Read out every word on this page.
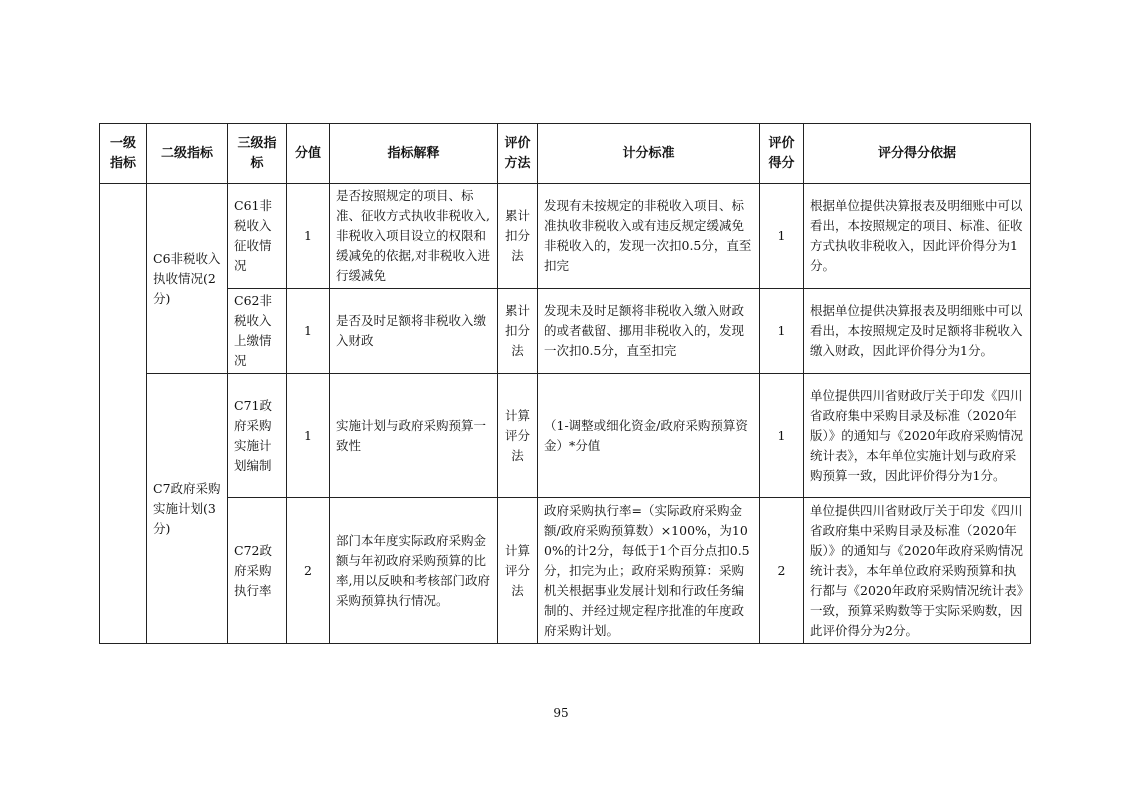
一级指标	二级指标	三级指标	分值	指标解释	评价方法	计分标准	评价得分	评分得分依据
	C6非税收入执收情况(2分)	C61非税收入征收情况	1	是否按照规定的项目、标准、征收方式执收非税收入,非税收入项目设立的权限和缓减免的依据,对非税收入进行缓减免	累计扣分法	发现有未按规定的非税收入项目、标准执收非税收入或有违反规定缓减免非税收入的，发现一次扣0.5分，直至扣完	1	根据单位提供决算报表及明细账中可以看出，本按照规定的项目、标准、征收方式执收非税收入，因此评价得分为1分。
		C62非税收入上缴情况	1	是否及时足额将非税收入缴入财政	累计扣分法	发现未及时足额将非税收入缴入财政的或者截留、挪用非税收入的，发现一次扣0.5分，直至扣完	1	根据单位提供决算报表及明细账中可以看出，本按照规定及时足额将非税收入缴入财政，因此评价得分为1分。
	C7政府采购实施计划(3分)	C71政府采购实施计划编制	1	实施计划与政府采购预算一致性	计算评分法	（1-调整或细化资金/政府采购预算资金）*分值	1	单位提供四川省财政厅关于印发《四川省政府集中采购目录及标准（2020年版）》的通知与《2020年政府采购情况统计表》，本年单位实施计划与政府采购预算一致，因此评价得分为1分。
		C72政府采购执行率	2	部门本年度实际政府采购金额与年初政府采购预算的比率,用以反映和考核部门政府采购预算执行情况。	计算评分法	政府采购执行率=（实际政府采购金额/政府采购预算数）×100%，为100%的计2分，每低于1个百分点扣0.5分，扣完为止；政府采购预算：采购机关根据事业发展计划和行政任务编制的、并经过规定程序批准的年度政府采购计划。	2	单位提供四川省财政厅关于印发《四川省政府集中采购目录及标准（2020年版）》的通知与《2020年政府采购情况统计表》，本年单位政府采购预算和执行都与《2020年政府采购情况统计表》一致，预算采购数等于实际采购数，因此评价得分为2分。
95
